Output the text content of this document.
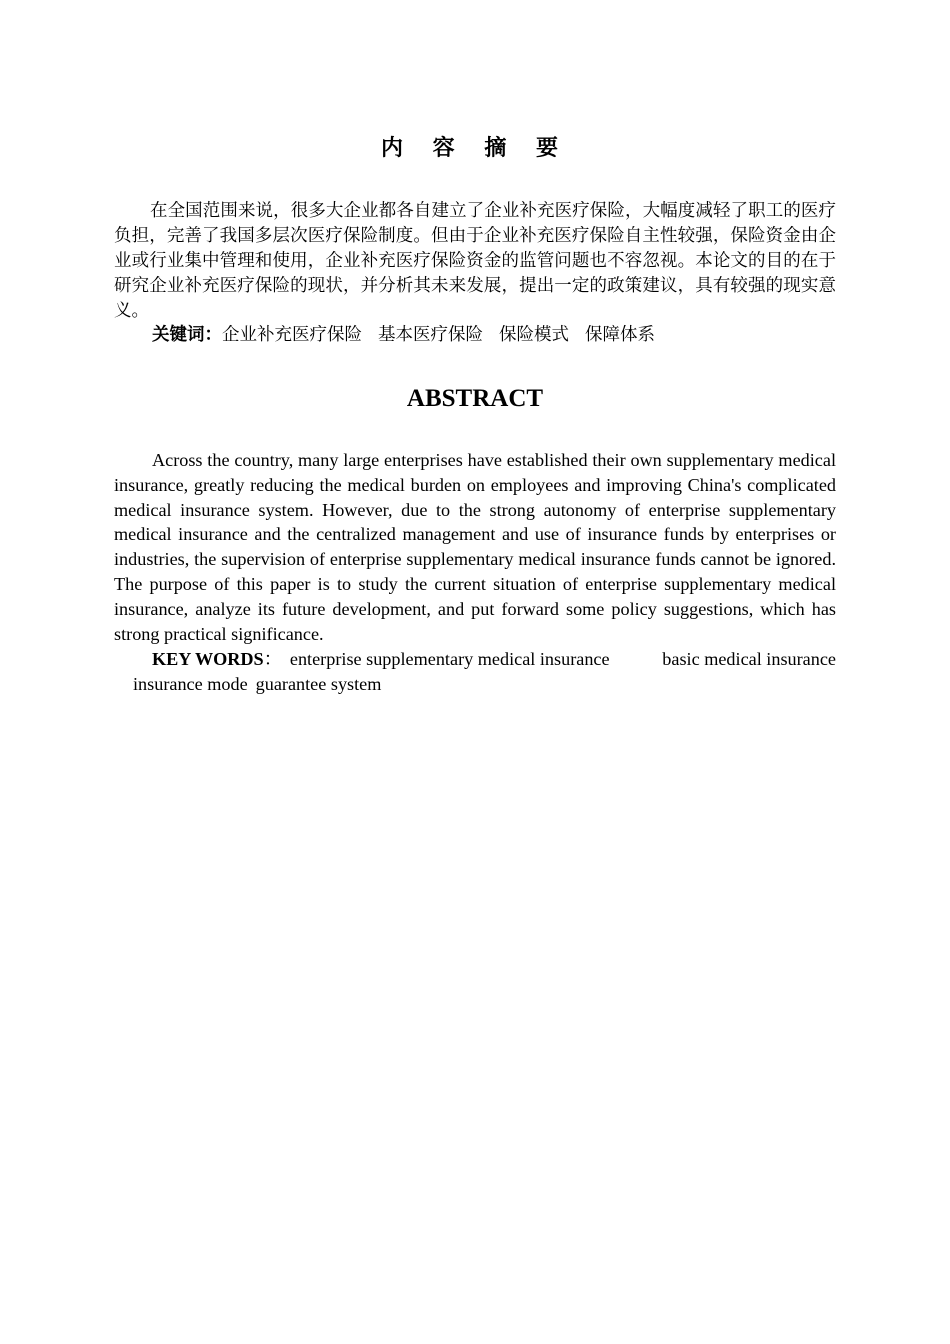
内 容 摘 要

在全国范围来说，很多大企业都各自建立了企业补充医疗保险，大幅度减轻了职工的医疗负担，完善了我国多层次医疗保险制度。但由于企业补充医疗保险自主性较强，保险资金由企业或行业集中管理和使用，企业补充医疗保险资金的监管问题也不容忽视。本论文的目的在于研究企业补充医疗保险的现状，并分析其未来发展，提出一定的政策建议，具有较强的现实意义。

关键词：企业补充医疗保险 基本医疗保险 保险模式 保障体系

ABSTRACT

Across the country, many large enterprises have established their own supplementary medical insurance, greatly reducing the medical burden on employees and improving China's complicated medical insurance system. However, due to the strong autonomy of enterprise supplementary medical insurance and the centralized management and use of insurance funds by enterprises or industries, the supervision of enterprise supplementary medical insurance funds cannot be ignored. The purpose of this paper is to study the current situation of enterprise supplementary medical insurance, analyze its future development, and put forward some policy suggestions, which has strong practical significance.

KEY WORDS： enterprise supplementary medical insurance	basic medical insurance
insurance mode guarantee system
